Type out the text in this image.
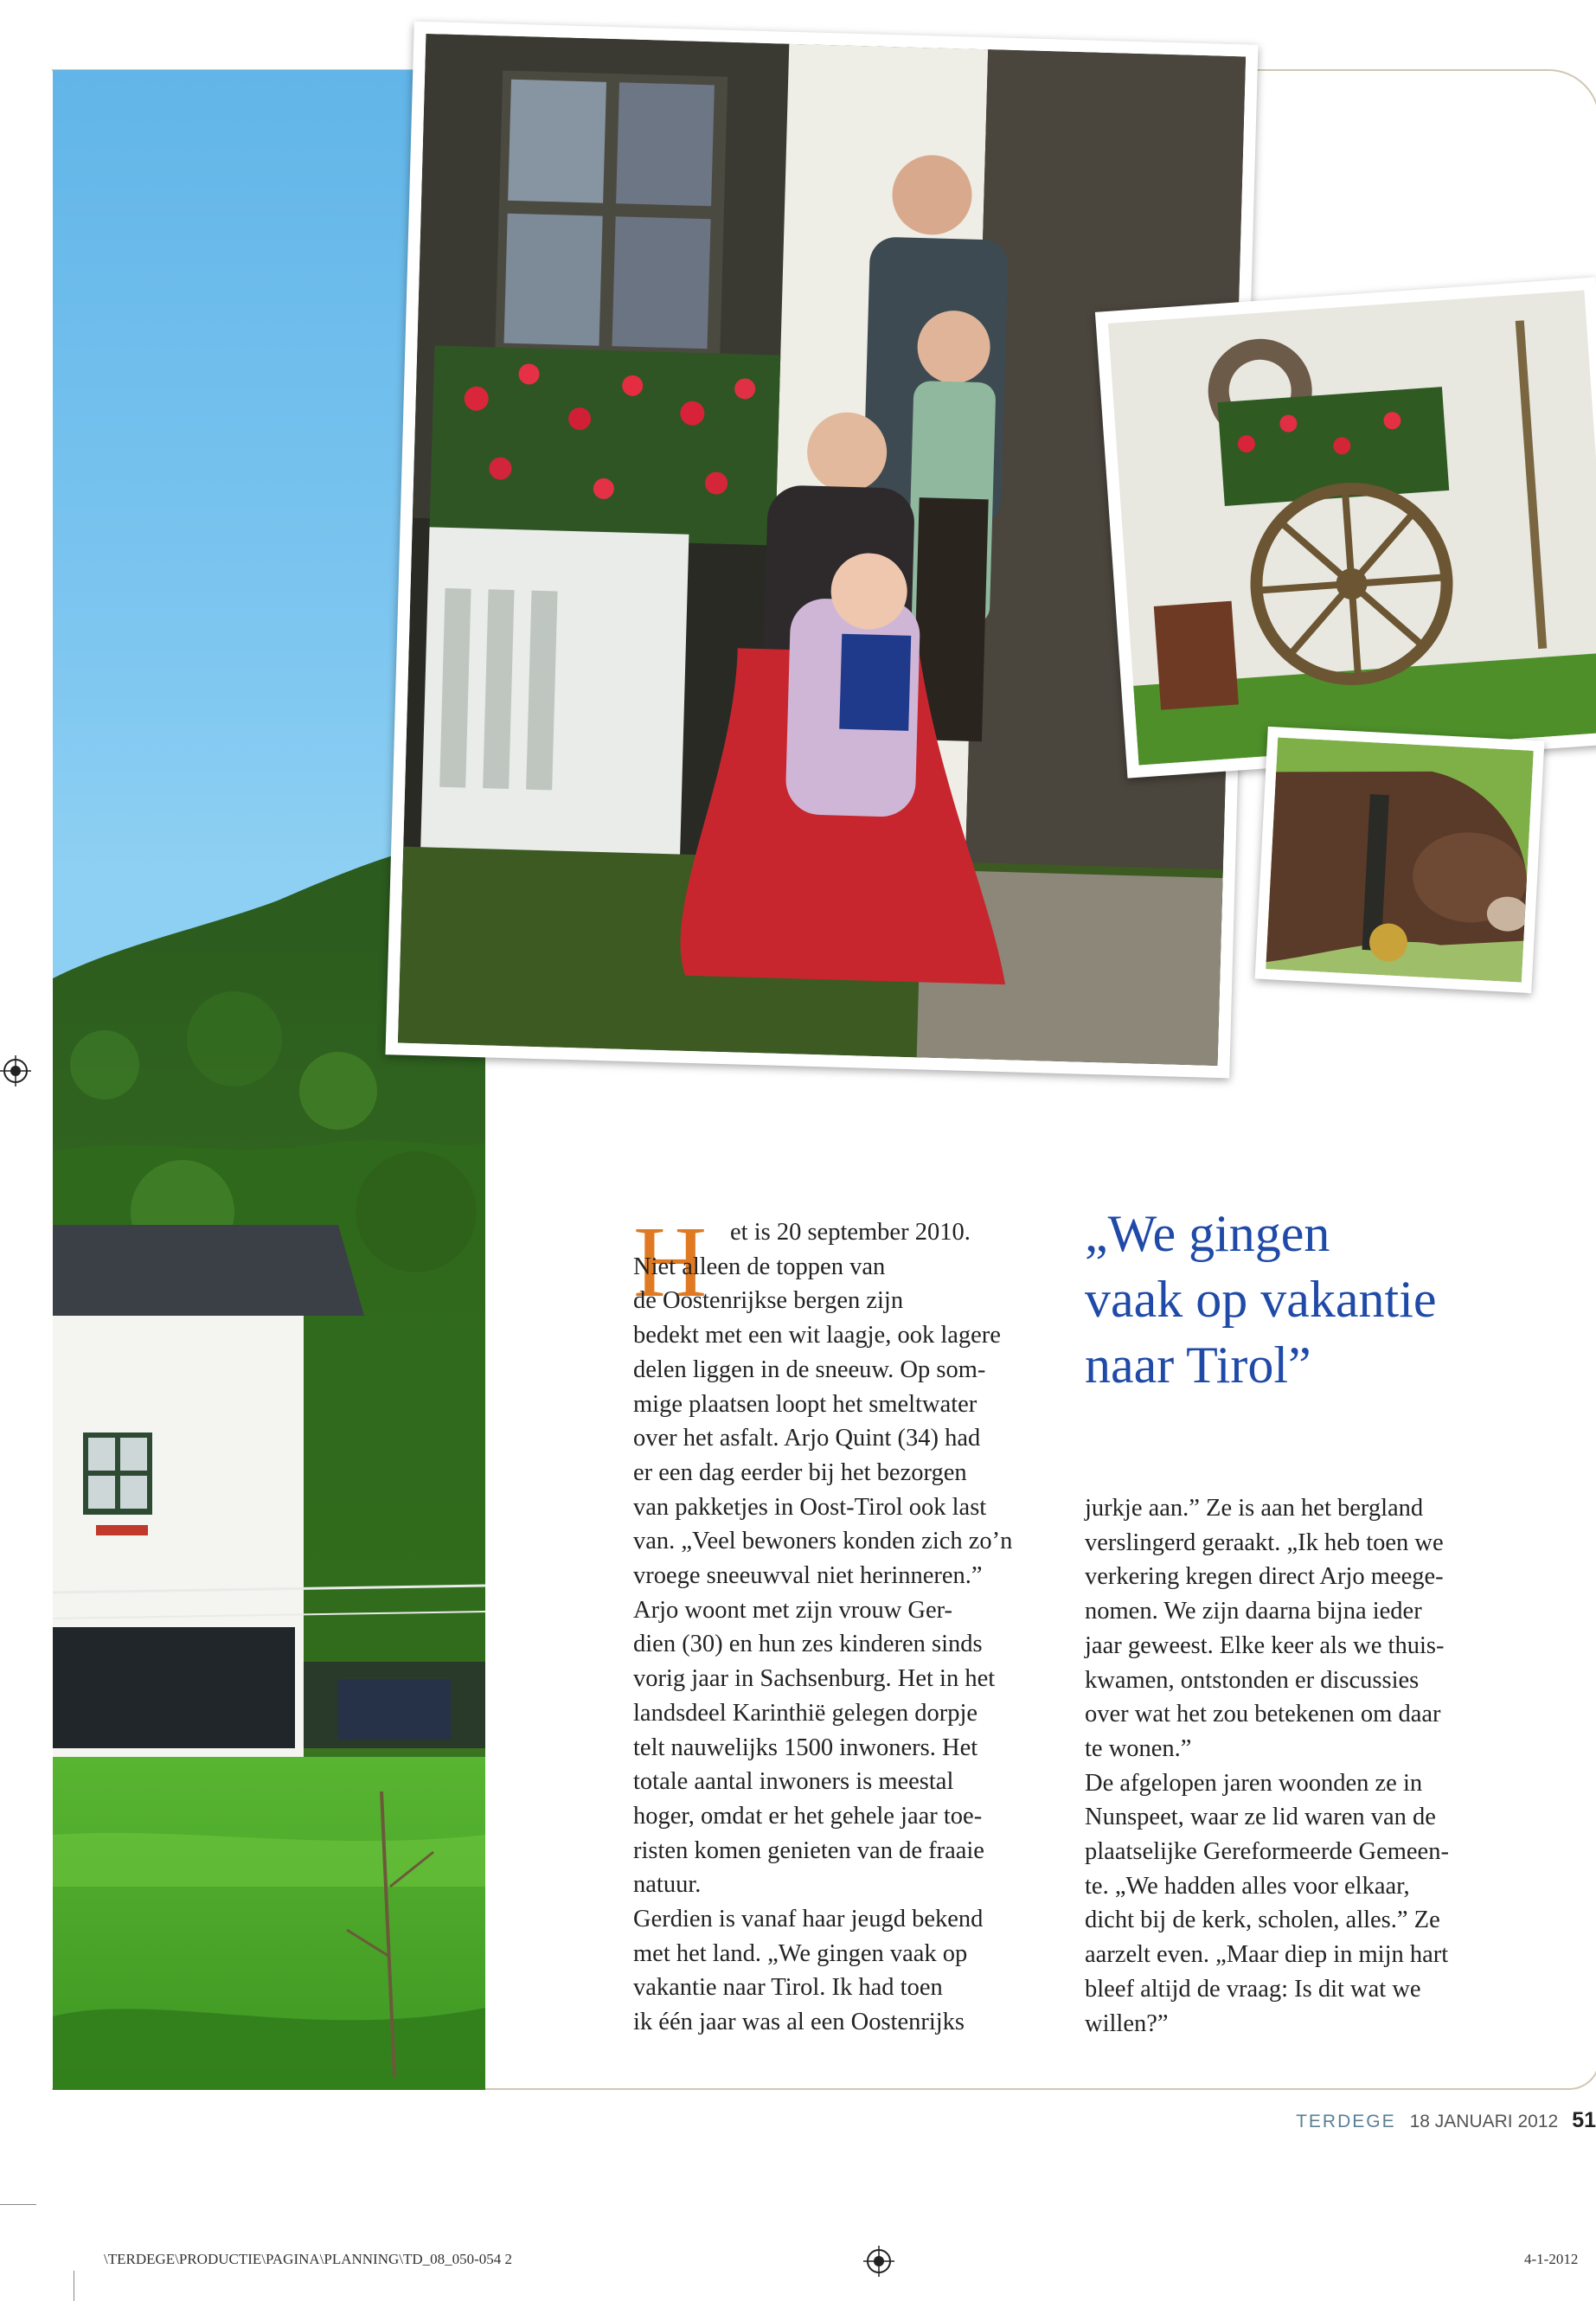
H et is 20 september 2010.
Niet alleen de toppen van
de Oostenrijkse bergen zijn
bedekt met een wit laagje, ook lagere
delen liggen in de sneeuw. Op som-
mige plaatsen loopt het smeltwater
over het asfalt. Arjo Quint (34) had
er een dag eerder bij het bezorgen
van pakketjes in Oost-Tirol ook last
van. „Veel bewoners konden zich zo’n
vroege sneeuwval niet herinneren.”
Arjo woont met zijn vrouw Ger-
dien (30) en hun zes kinderen sinds
vorig jaar in Sachsenburg. Het in het
landsdeel Karinthië gelegen dorpje
telt nauwelijks 1500 inwoners. Het
totale aantal inwoners is meestal
hoger, omdat er het gehele jaar toe-
risten komen genieten van de fraaie
natuur.
Gerdien is vanaf haar jeugd bekend
met het land. „We gingen vaak op
vakantie naar Tirol. Ik had toen
ik één jaar was al een Oostenrijks

„We gingen
vaak op vakantie
naar Tirol”

jurkje aan.” Ze is aan het bergland
verslingerd geraakt. „Ik heb toen we
verkering kregen direct Arjo meege-
nomen. We zijn daarna bijna ieder
jaar geweest. Elke keer als we thuis-
kwamen, ontstonden er discussies
over wat het zou betekenen om daar
te wonen.”
De afgelopen jaren woonden ze in
Nunspeet, waar ze lid waren van de
plaatselijke Gereformeerde Gemeen-
te. „We hadden alles voor elkaar,
dicht bij de kerk, scholen, alles.” Ze
aarzelt even. „Maar diep in mijn hart
bleef altijd de vraag: Is dit wat we
willen?”

TERDEGE 18 JANUARI 2012 51
\TERDEGE\PRODUCTIE\PAGINA\PLANNING\TD_08_050-054 2	4-1-2012
